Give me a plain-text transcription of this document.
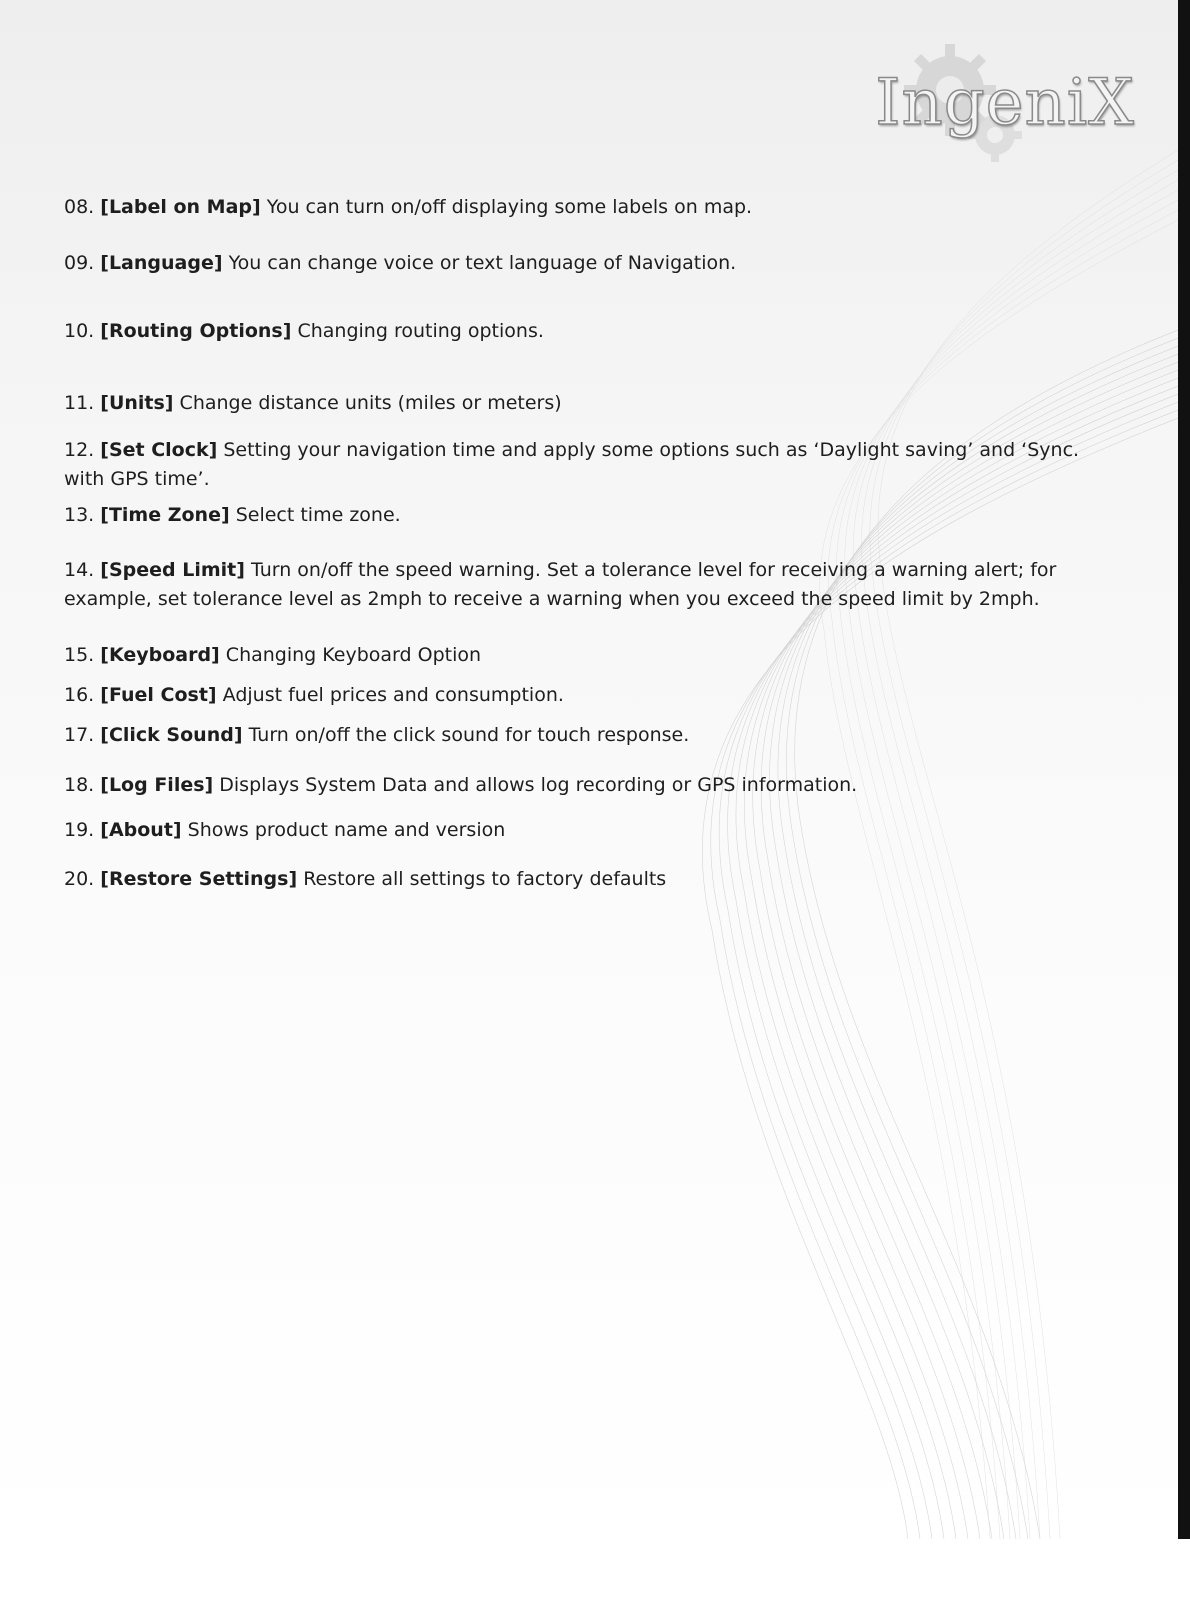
IngeniX
08. [Label on Map] You can turn on/off displaying some labels on map.
09. [Language] You can change voice or text language of Navigation.
10. [Routing Options] Changing routing options.
11. [Units] Change distance units (miles or meters)
12. [Set Clock] Setting your navigation time and apply some options such as ‘Daylight saving’ and ‘Sync. with GPS time’.
13. [Time Zone] Select time zone.
14. [Speed Limit] Turn on/off the speed warning. Set a tolerance level for receiving a warning alert; for example, set tolerance level as 2mph to receive a warning when you exceed the speed limit by 2mph.
15. [Keyboard] Changing Keyboard Option
16. [Fuel Cost] Adjust fuel prices and consumption.
17. [Click Sound] Turn on/off the click sound for touch response.
18. [Log Files] Displays System Data and allows log recording or GPS information.
19. [About] Shows product name and version
20. [Restore Settings] Restore all settings to factory defaults
